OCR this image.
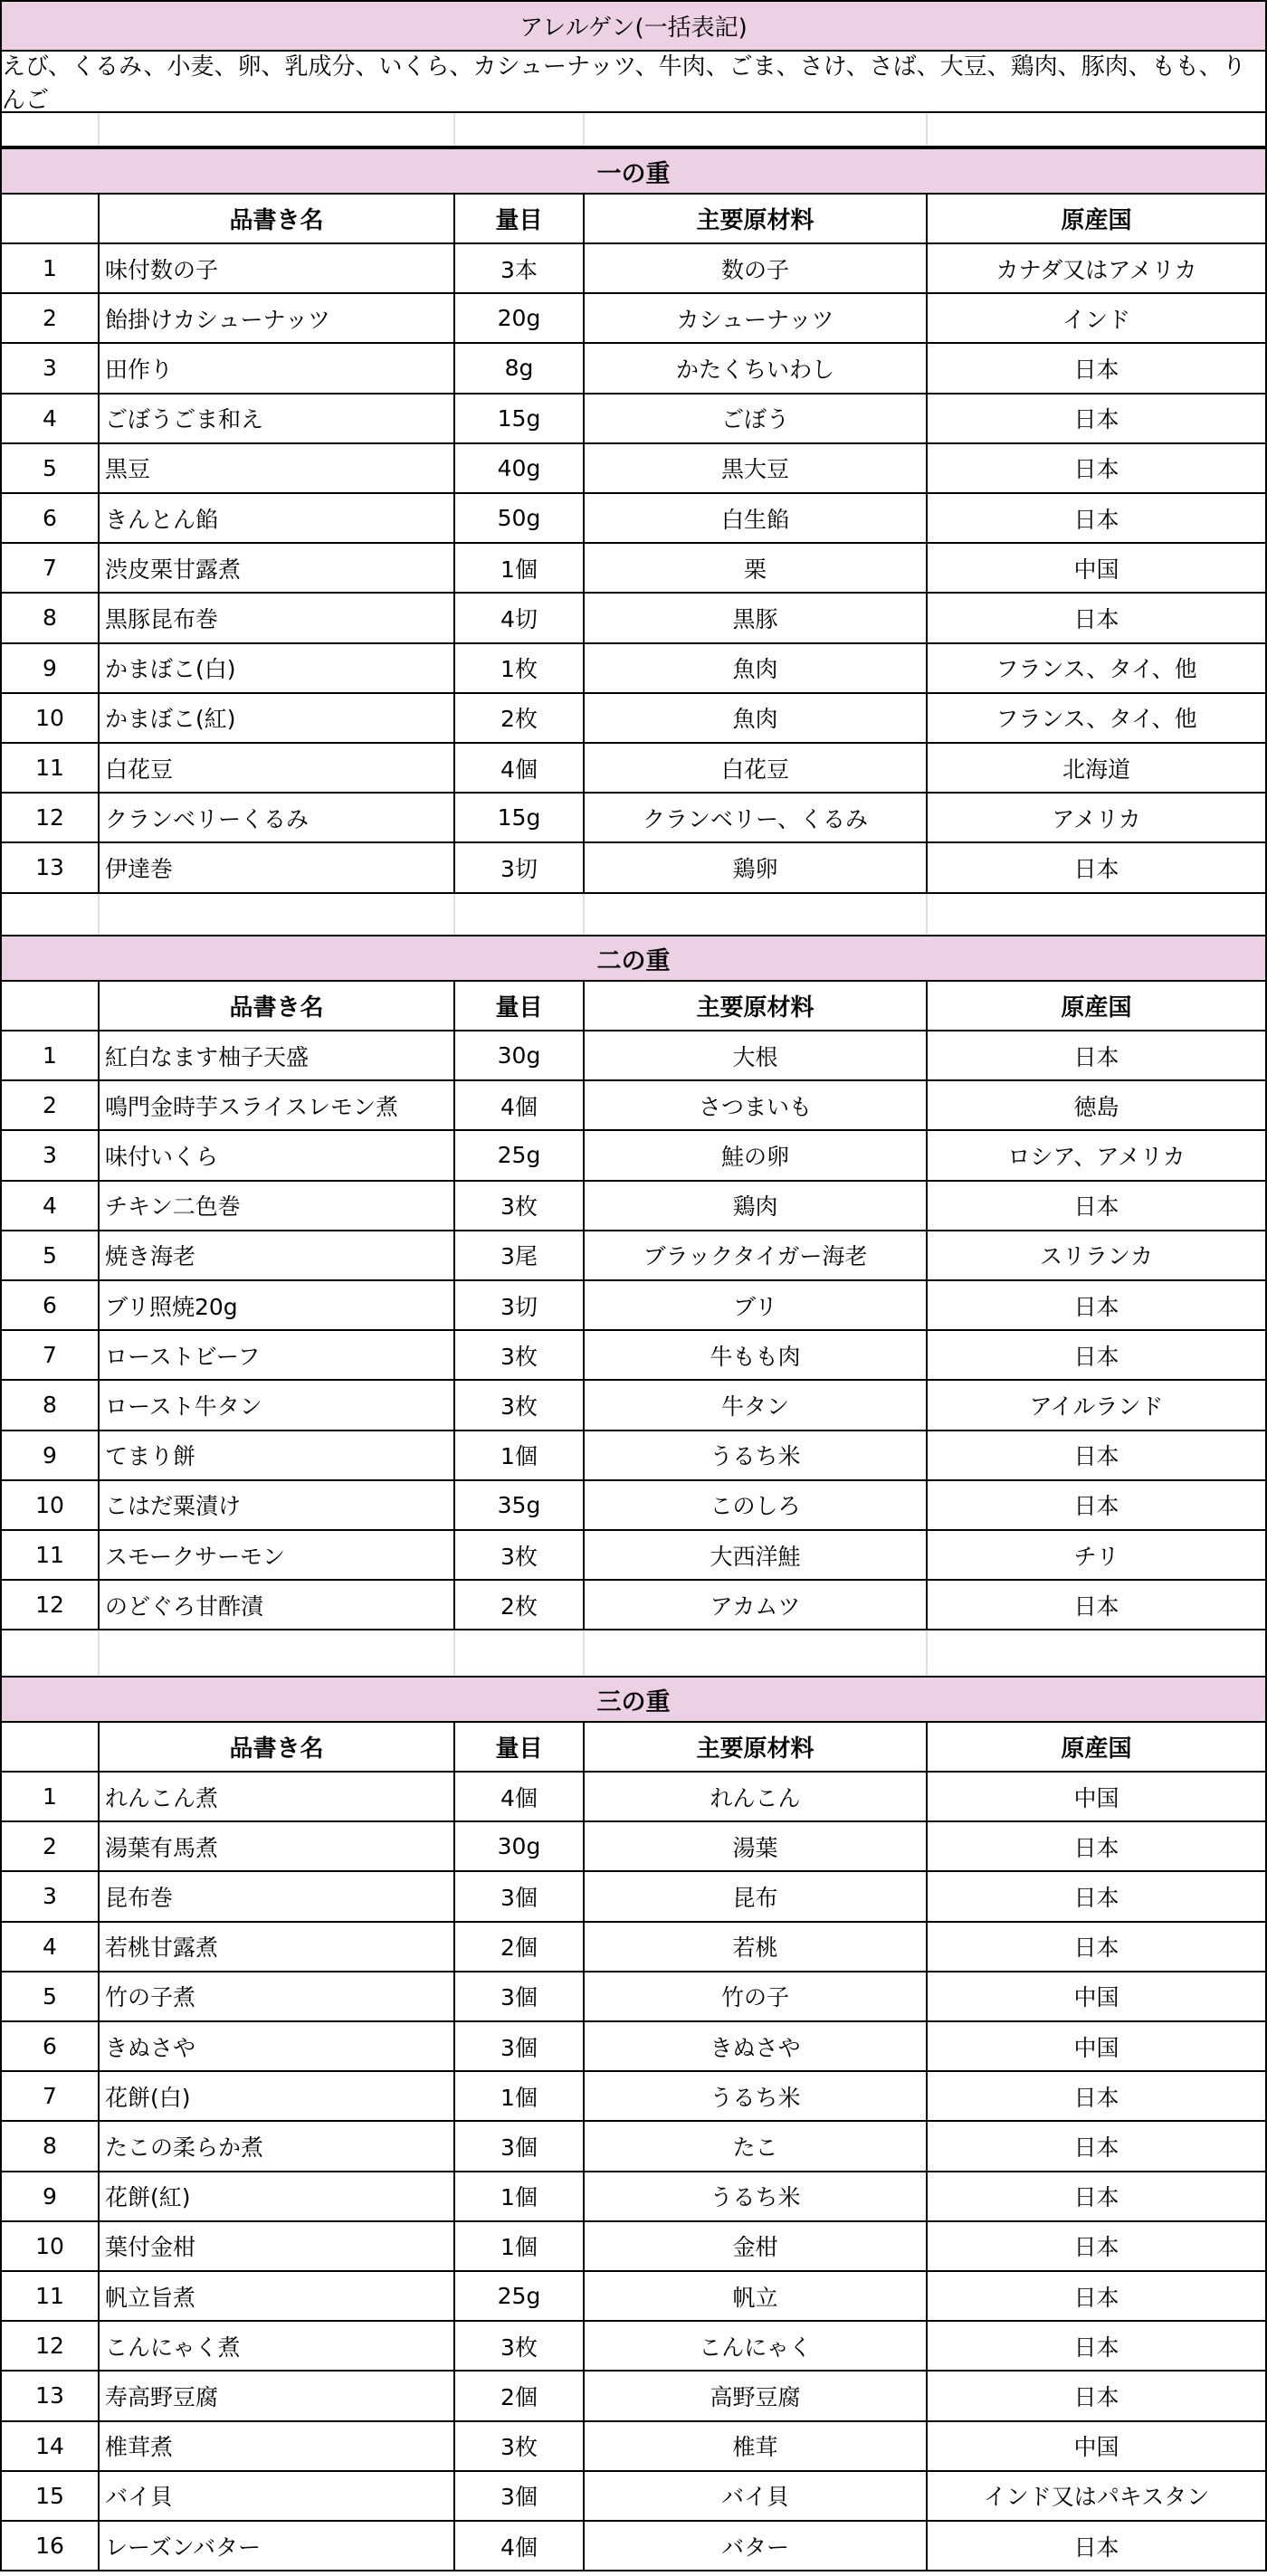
アレルゲン(一括表記)
えび、くるみ、小麦、卵、乳成分、いくら、カシューナッツ、牛肉、ごま、さけ、さば、大豆、鶏肉、豚肉、もも、りんご
一の重
品書き名	量目	主要原材料	原産国
1 味付数の子	3本	数の子	カナダ又はアメリカ
2 飴掛けカシューナッツ	20g	カシューナッツ	インド
3 田作り	8g	かたくちいわし	日本
4 ごぼうごま和え	15g	ごぼう	日本
5 黒豆	40g	黒大豆	日本
6 きんとん餡	50g	白生餡	日本
7 渋皮栗甘露煮	1個	栗	中国
8 黒豚昆布巻	4切	黒豚	日本
9 かまぼこ(白)	1枚	魚肉	フランス、タイ、他
10 かまぼこ(紅)	2枚	魚肉	フランス、タイ、他
11 白花豆	4個	白花豆	北海道
12 クランベリーくるみ	15g	クランベリー、くるみ	アメリカ
13 伊達巻	3切	鶏卵	日本
二の重
品書き名	量目	主要原材料	原産国
1 紅白なます柚子天盛	30g	大根	日本
2 鳴門金時芋スライスレモン煮	4個	さつまいも	徳島
3 味付いくら	25g	鮭の卵	ロシア、アメリカ
4 チキン二色巻	3枚	鶏肉	日本
5 焼き海老	3尾	ブラックタイガー海老	スリランカ
6 ブリ照焼20g	3切	ブリ	日本
7 ローストビーフ	3枚	牛もも肉	日本
8 ロースト牛タン	3枚	牛タン	アイルランド
9 てまり餅	1個	うるち米	日本
10 こはだ粟漬け	35g	このしろ	日本
11 スモークサーモン	3枚	大西洋鮭	チリ
12 のどぐろ甘酢漬	2枚	アカムツ	日本
三の重
品書き名	量目	主要原材料	原産国
1 れんこん煮	4個	れんこん	中国
2 湯葉有馬煮	30g	湯葉	日本
3 昆布巻	3個	昆布	日本
4 若桃甘露煮	2個	若桃	日本
5 竹の子煮	3個	竹の子	中国
6 きぬさや	3個	きぬさや	中国
7 花餅(白)	1個	うるち米	日本
8 たこの柔らか煮	3個	たこ	日本
9 花餅(紅)	1個	うるち米	日本
10 葉付金柑	1個	金柑	日本
11 帆立旨煮	25g	帆立	日本
12 こんにゃく煮	3枚	こんにゃく	日本
13 寿高野豆腐	2個	高野豆腐	日本
14 椎茸煮	3枚	椎茸	中国
15 バイ貝	3個	バイ貝	インド又はパキスタン
16 レーズンバター	4個	バター	日本
